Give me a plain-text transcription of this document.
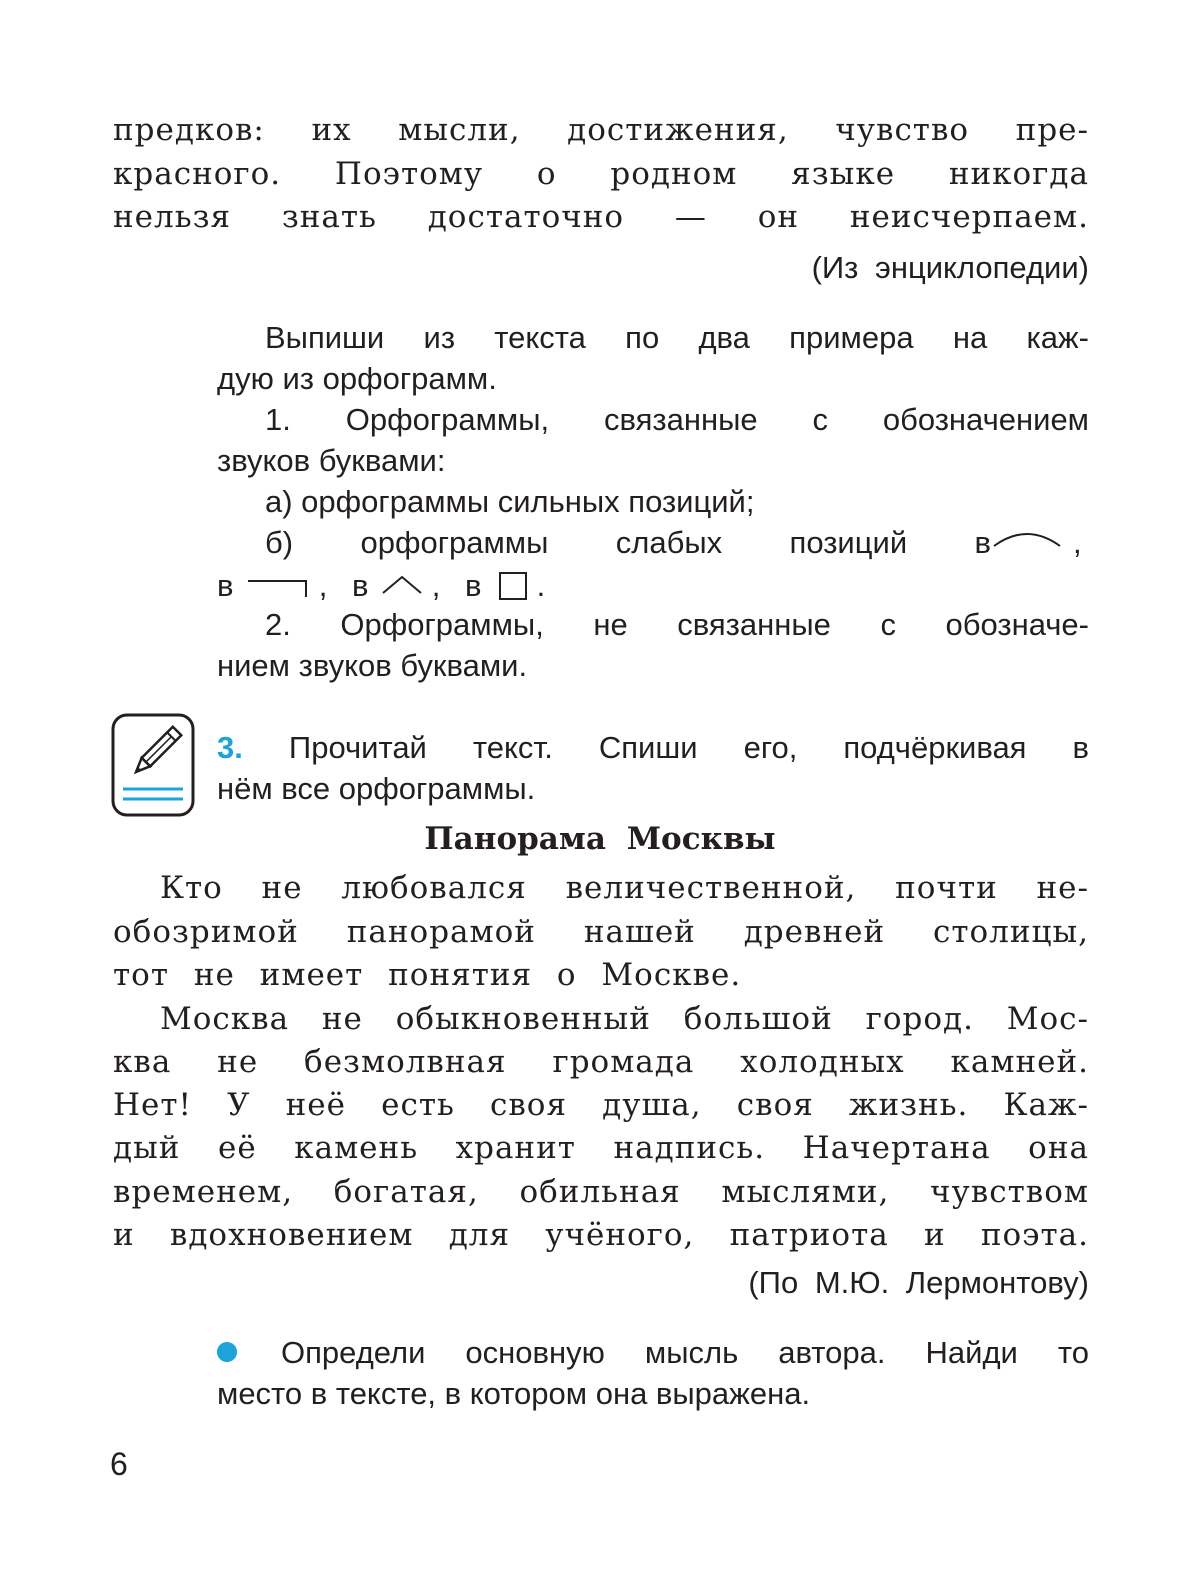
предков: их мысли, достижения, чувство пре-
красного. Поэтому о родном языке никогда
нельзя знать достаточно — он неисчерпаем.
(Из энциклопедии)
Выпиши из текста по два примера на каж-
дую из орфограмм.
1. Орфограммы, связанные с обозначением
звуков буквами:
а) орфограммы сильных позиций;
б) орфограммы слабых позиций в	,
в	, в , в .
2. Орфограммы, не связанные с обозначе-
нием звуков буквами.
3. Прочитай текст. Спиши его, подчёркивая в
нём все орфограммы.
Панорама Москвы
Кто не любовался величественной, почти не-
обозримой панорамой нашей древней столицы,
тот не имеет понятия о Москве.
Москва не обыкновенный большой город. Мос-
ква не безмолвная громада холодных камней.
Нет! У неё есть своя душа, своя жизнь. Каж-
дый её камень хранит надпись. Начертана она
временем, богатая, обильная мыслями, чувством
и вдохновением для учёного, патриота и поэта.
(По М.Ю. Лермонтову)
Определи основную мысль автора. Найди то
место в тексте, в котором она выражена.
6
